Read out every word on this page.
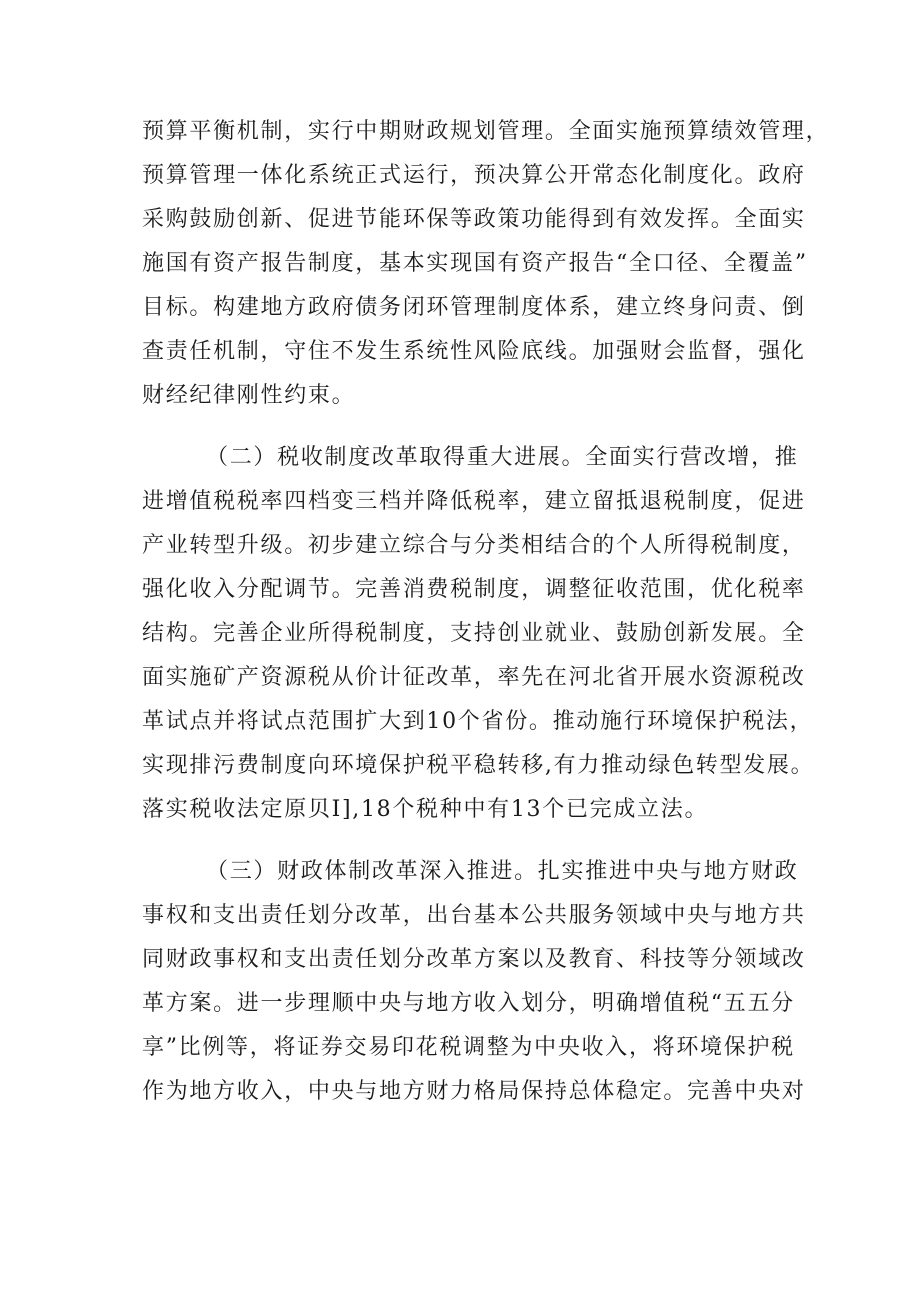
预算平衡机制，实行中期财政规划管理。全面实施预算绩效管理，
预算管理一体化系统正式运行，预决算公开常态化制度化。政府
采购鼓励创新、促进节能环保等政策功能得到有效发挥。全面实
施国有资产报告制度，基本实现国有资产报告“全口径、全覆盖”
目标。构建地方政府债务闭环管理制度体系，建立终身问责、倒
查责任机制，守住不发生系统性风险底线。加强财会监督，强化
财经纪律刚性约束。
（二）税收制度改革取得重大进展。全面实行营改增，推
进增值税税率四档变三档并降低税率，建立留抵退税制度，促进
产业转型升级。初步建立综合与分类相结合的个人所得税制度，
强化收入分配调节。完善消费税制度，调整征收范围，优化税率
结构。完善企业所得税制度，支持创业就业、鼓励创新发展。全
面实施矿产资源税从价计征改革，率先在河北省开展水资源税改
革试点并将试点范围扩大到10个省份。推动施行环境保护税法，
实现排污费制度向环境保护税平稳转移,有力推动绿色转型发展。
落实税收法定原贝I],18个税种中有13个已完成立法。
（三）财政体制改革深入推进。扎实推进中央与地方财政
事权和支出责任划分改革，出台基本公共服务领域中央与地方共
同财政事权和支出责任划分改革方案以及教育、科技等分领域改
革方案。进一步理顺中央与地方收入划分，明确增值税“五五分
享”比例等，将证券交易印花税调整为中央收入，将环境保护税
作为地方收入，中央与地方财力格局保持总体稳定。完善中央对
